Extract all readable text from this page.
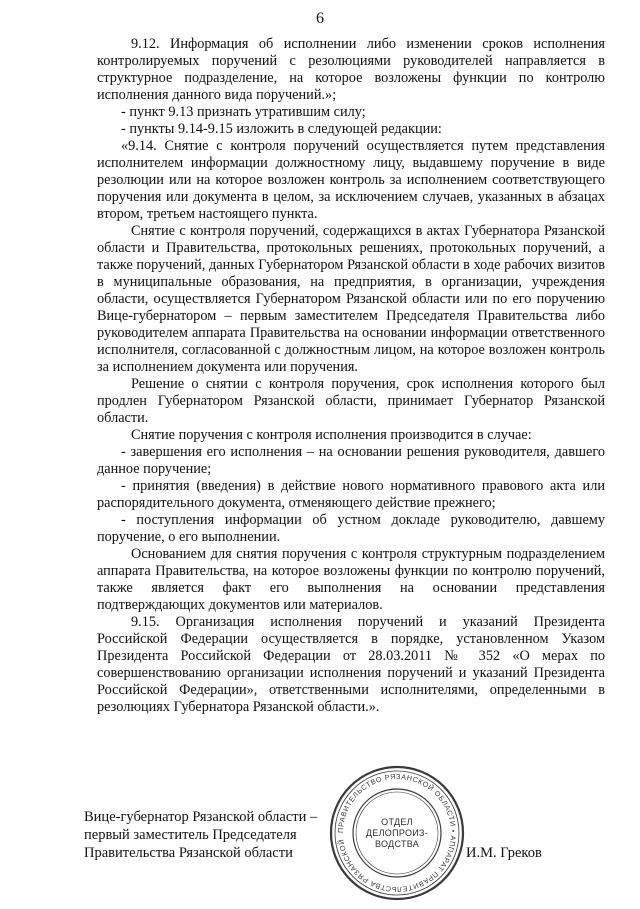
6

9.12. Информация об исполнении либо изменении сроков исполнения контролируемых поручений с резолюциями руководителей направляется в структурное подразделение, на которое возложены функции по контролю исполнения данного вида поручений.»;

- пункт 9.13 признать утратившим силу;

- пункты 9.14-9.15 изложить в следующей редакции:

«9.14. Снятие с контроля поручений осуществляется путем представления исполнителем информации должностному лицу, выдавшему поручение в виде резолюции или на которое возложен контроль за исполнением соответствующего поручения или документа в целом, за исключением случаев, указанных в абзацах втором, третьем настоящего пункта.

Снятие с контроля поручений, содержащихся в актах Губернатора Рязанской области и Правительства, протокольных решениях, протокольных поручений, а также поручений, данных Губернатором Рязанской области в ходе рабочих визитов в муниципальные образования, на предприятия, в организации, учреждения области, осуществляется Губернатором Рязанской области или по его поручению Вице-губернатором – первым заместителем Председателя Правительства либо руководителем аппарата Правительства на основании информации ответственного исполнителя, согласованной с должностным лицом, на которое возложен контроль за исполнением документа или поручения.

Решение о снятии с контроля поручения, срок исполнения которого был продлен Губернатором Рязанской области, принимает Губернатор Рязанской области.

Снятие поручения с контроля исполнения производится в случае:

- завершения его исполнения – на основании решения руководителя, давшего данное поручение;

- принятия (введения) в действие нового нормативного правового акта или распорядительного документа, отменяющего действие прежнего;

- поступления информации об устном докладе руководителю, давшему поручение, о его выполнении.

Основанием для снятия поручения с контроля структурным подразделением аппарата Правительства, на которое возложены функции по контролю поручений, также является факт его выполнения на основании представления подтверждающих документов или материалов.

9.15. Организация исполнения поручений и указаний Президента Российской Федерации осуществляется в порядке, установленном Указом Президента Российской Федерации от 28.03.2011 № 352 «О мерах по совершенствованию организации исполнения поручений и указаний Президента Российской Федерации», ответственными исполнителями, определенными в резолюциях Губернатора Рязанской области.».

Вице-губернатор Рязанской области –
первый заместитель Председателя
Правительства Рязанской области
ПРАВИТЕЛЬСТВО РЯЗАНСКОЙ ОБЛАСТИ • АППАРАТ ПРАВИТЕЛЬСТВА РЯЗАНСКОЙ
ОТДЕЛ
ДЕЛОПРОИЗ-
ВОДСТВА
И.М. Греков
